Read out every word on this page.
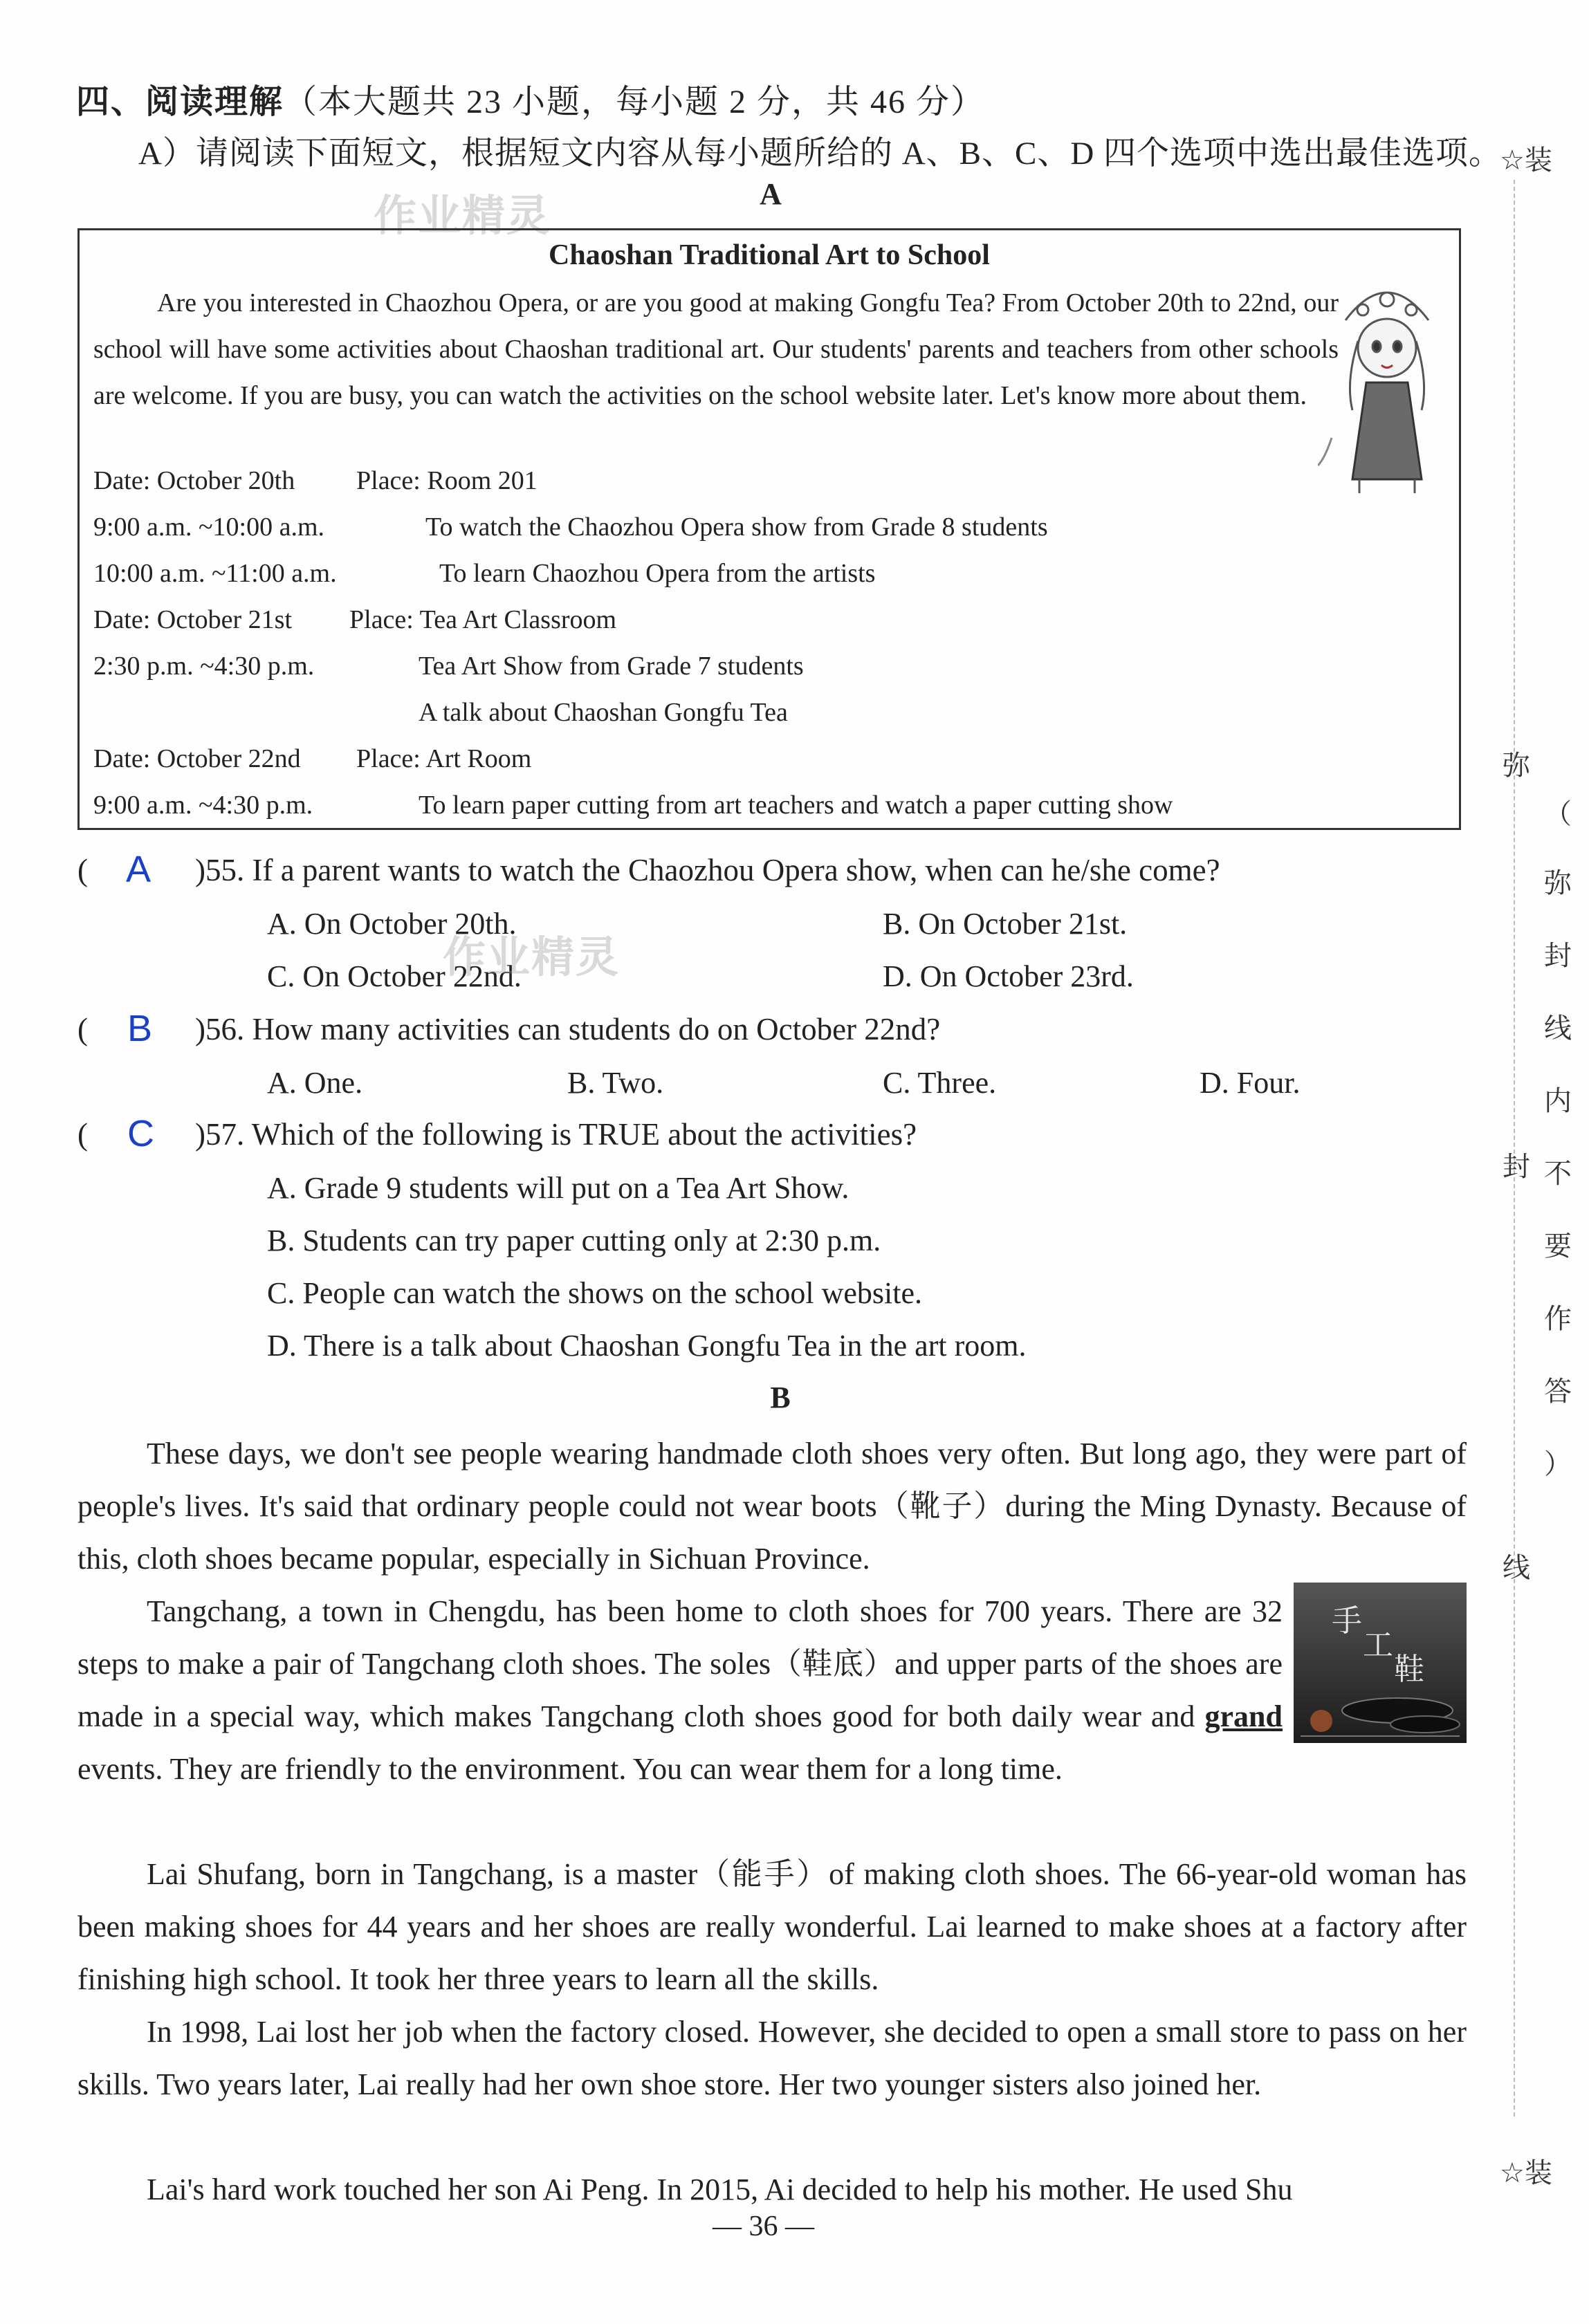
四、阅读理解（本大题共 23 小题，每小题 2 分，共 46 分）
A）请阅读下面短文，根据短文内容从每小题所给的 A、B、C、D 四个选项中选出最佳选项。
作业精灵	A
Chaoshan Traditional Art to School
Are you interested in Chaozhou Opera, or are you good at making Gongfu Tea? From October 20th to 22nd, our school will have some activities about Chaoshan traditional art. Our students' parents and teachers from other schools are welcome. If you are busy, you can watch the activities on the school website later. Let's know more about them.
Date: October 20th Place: Room 201
9:00 a.m. ~10:00 a.m.	To watch the Chaozhou Opera show from Grade 8 students
10:00 a.m. ~11:00 a.m.	To learn Chaozhou Opera from the artists
Date: October 21st Place: Tea Art Classroom
2:30 p.m. ~4:30 p.m.	Tea Art Show from Grade 7 students
A talk about Chaoshan Gongfu Tea
Date: October 22nd Place: Art Room
9:00 a.m. ~4:30 p.m.	To learn paper cutting from art teachers and watch a paper cutting show
(	)55. If a parent wants to watch the Chaozhou Opera show, when can he/she come?
A
A. On October 20th.	B. On October 21st.
C. On October 22nd.	D. On October 23rd.
作业精灵
(	)56. How many activities can students do on October 22nd?
B
A. One.	B. Two.	C. Three.	D. Four.
(	)57. Which of the following is TRUE about the activities?
C
A. Grade 9 students will put on a Tea Art Show.
B. Students can try paper cutting only at 2:30 p.m.
C. People can watch the shows on the school website.
D. There is a talk about Chaoshan Gongfu Tea in the art room.
B
These days, we don't see people wearing handmade cloth shoes very often. But long ago, they were part of people's lives. It's said that ordinary people could not wear boots（靴子）during the Ming Dynasty. Because of this, cloth shoes became popular, especially in Sichuan Province.
Tangchang, a town in Chengdu, has been home to cloth shoes for 700 years. There are 32 steps to make a pair of Tangchang cloth shoes. The soles（鞋底）and upper parts of the shoes are made in a special way, which makes Tangchang cloth shoes good for both daily wear and grand events. They are friendly to the environment. You can wear them for a long time.
手
工
鞋
Lai Shufang, born in Tangchang, is a master（能手）of making cloth shoes. The 66-year-old woman has been making shoes for 44 years and her shoes are really wonderful. Lai learned to make shoes at a factory after finishing high school. It took her three years to learn all the skills.
In 1998, Lai lost her job when the factory closed. However, she decided to open a small store to pass on her skills. Two years later, Lai really had her own shoe store. Her two younger sisters also joined her.
Lai's hard work touched her son Ai Peng. In 2015, Ai decided to help his mother. He used Shu
— 36 —
☆装
弥
封
线
（
弥
封
线
内
不
要
作
答
）
☆装
